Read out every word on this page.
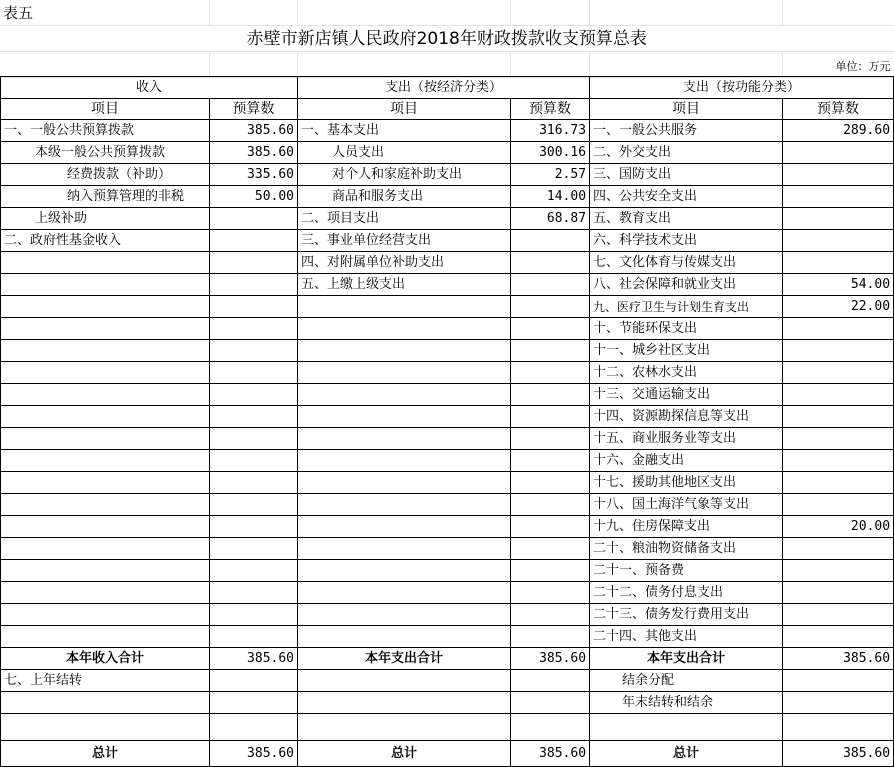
表五					
赤壁市新店镇人民政府2018年财政拨款收支预算总表					
					单位：万元
收入		支出（按经济分类）		支出（按功能分类）	
项目	预算数	项目	预算数	项目	预算数
一、一般公共预算拨款	385.60	一、基本支出	316.73	一、一般公共服务	289.60
本级一般公共预算拨款	385.60	人员支出	300.16	二、外交支出	
经费拨款（补助）	335.60	对个人和家庭补助支出	2.57	三、国防支出	
纳入预算管理的非税	50.00	商品和服务支出	14.00	四、公共安全支出	
上级补助		二、项目支出	68.87	五、教育支出	
二、政府性基金收入		三、事业单位经营支出		六、科学技术支出	
		四、对附属单位补助支出		七、文化体育与传媒支出	
		五、上缴上级支出		八、社会保障和就业支出	54.00
				九、医疗卫生与计划生育支出	22.00
				十、节能环保支出	
				十一、城乡社区支出	
				十二、农林水支出	
				十三、交通运输支出	
				十四、资源勘探信息等支出	
				十五、商业服务业等支出	
				十六、金融支出	
				十七、援助其他地区支出	
				十八、国土海洋气象等支出	
				十九、住房保障支出	20.00
				二十、粮油物资储备支出	
				二十一、预备费	
				二十二、债务付息支出	
				二十三、债务发行费用支出	
				二十四、其他支出	
本年收入合计	385.60	本年支出合计	385.60	本年支出合计	385.60
七、上年结转				结余分配	
				年末结转和结余	

总计	385.60	总计	385.60	总计	385.60
